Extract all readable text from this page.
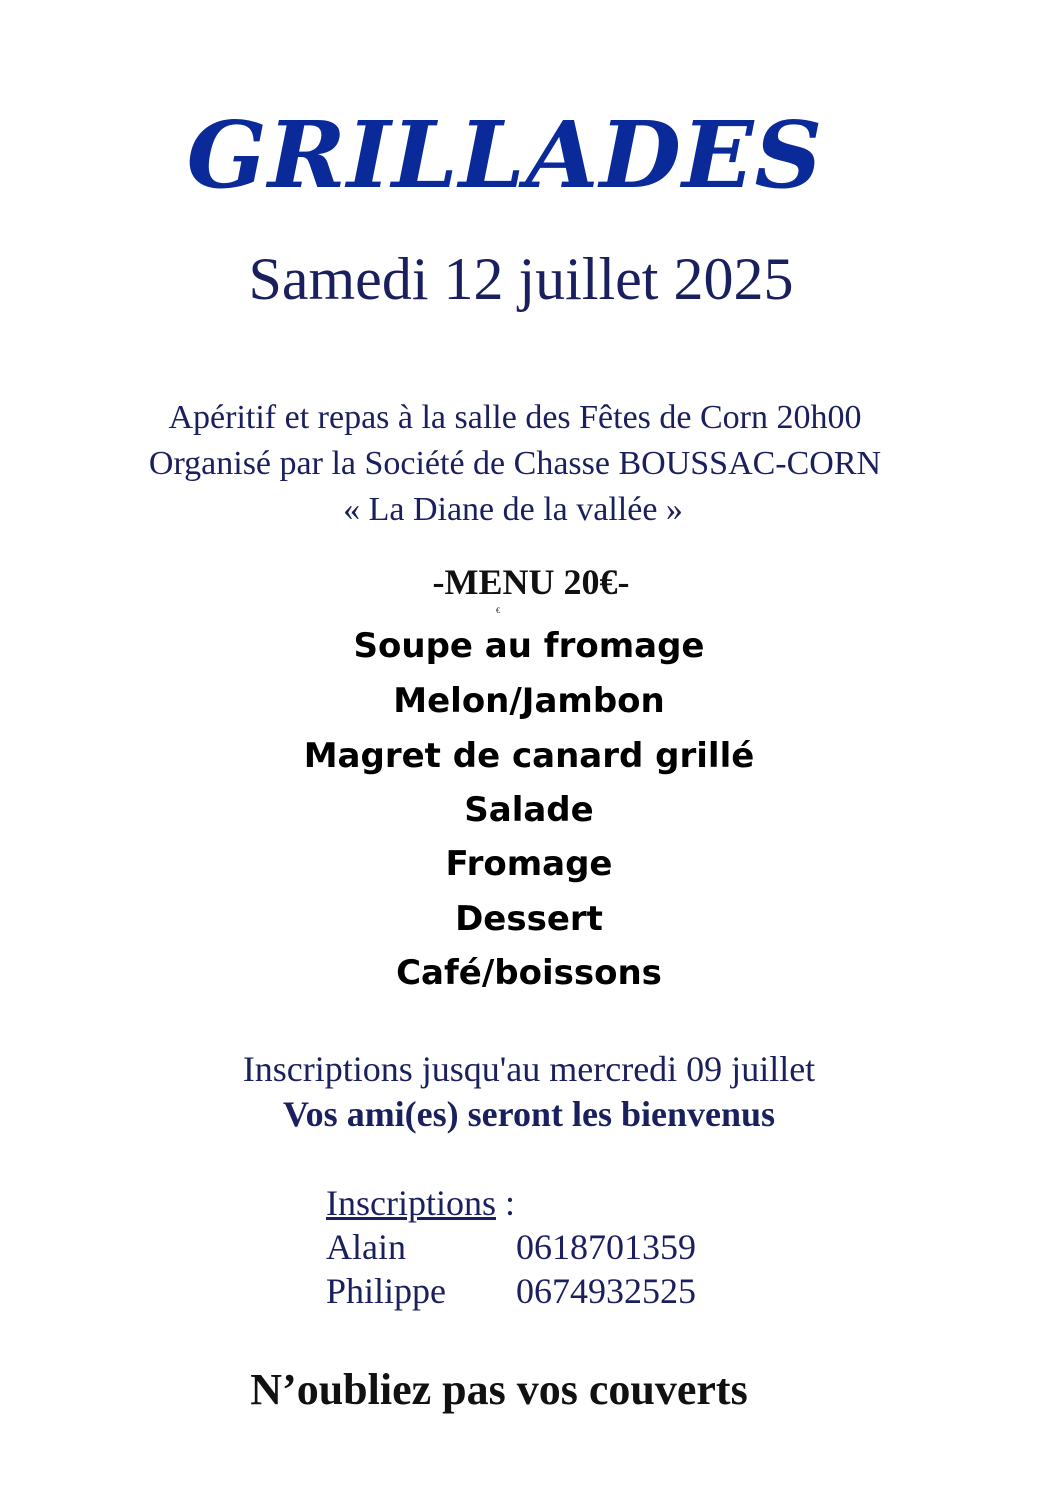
GRILLADES
Samedi 12 juillet 2025
Apéritif et repas à la salle des Fêtes de Corn 20h00
Organisé par la Société de Chasse BOUSSAC-CORN
« La Diane de la vallée »
-MENU 20€-
€
Soupe au fromage
Melon/Jambon
Magret de canard grillé
Salade
Fromage
Dessert
Café/boissons
Inscriptions jusqu'au mercredi 09 juillet
Vos ami(es) seront les bienvenus
Inscriptions :
Alain	0618701359
Philippe	0674932525
N’oubliez pas vos couverts
